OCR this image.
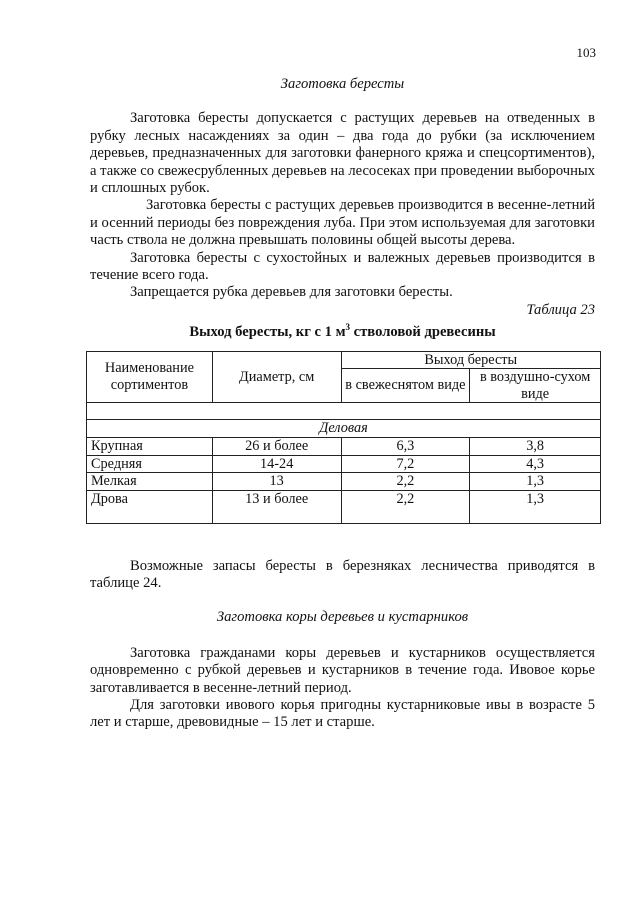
103

Заготовка бересты

Заготовка бересты допускается с растущих деревьев на отведенных в рубку лесных насаждениях за один – два года до рубки (за исключением деревьев, предназначенных для заготовки фанерного кряжа и спецсортиментов), а также со свежесрубленных деревьев на лесосеках при проведении выборочных и сплошных рубок.

Заготовка бересты с растущих деревьев производится в весенне-летний и осенний периоды без повреждения луба. При этом используемая для заготовки часть ствола не должна превышать половины общей высоты дерева.

Заготовка бересты с сухостойных и валежных деревьев производится в течение всего года.

Запрещается рубка деревьев для заготовки бересты.

Таблица 23

Выход бересты, кг с 1 $м^3$ стволовой древесины

Наименование сортиментов	Диаметр, см	Выход бересты	
		в свежеснятом виде	в воздушно-сухом виде

Деловая			
Крупная	26 и более	6,3	3,8
Средняя	14-24	7,2	4,3
Мелкая	13	2,2	1,3
Дрова	13 и более	2,2	1,3

Возможные запасы бересты в березняках лесничества приводятся в таблице 24.

Заготовка коры деревьев и кустарников

Заготовка гражданами коры деревьев и кустарников осуществляется одновременно с рубкой деревьев и кустарников в течение года. Ивовое корье заготавливается в весенне-летний период.

Для заготовки ивового корья пригодны кустарниковые ивы в возрасте 5 лет и старше, древовидные – 15 лет и старше.
